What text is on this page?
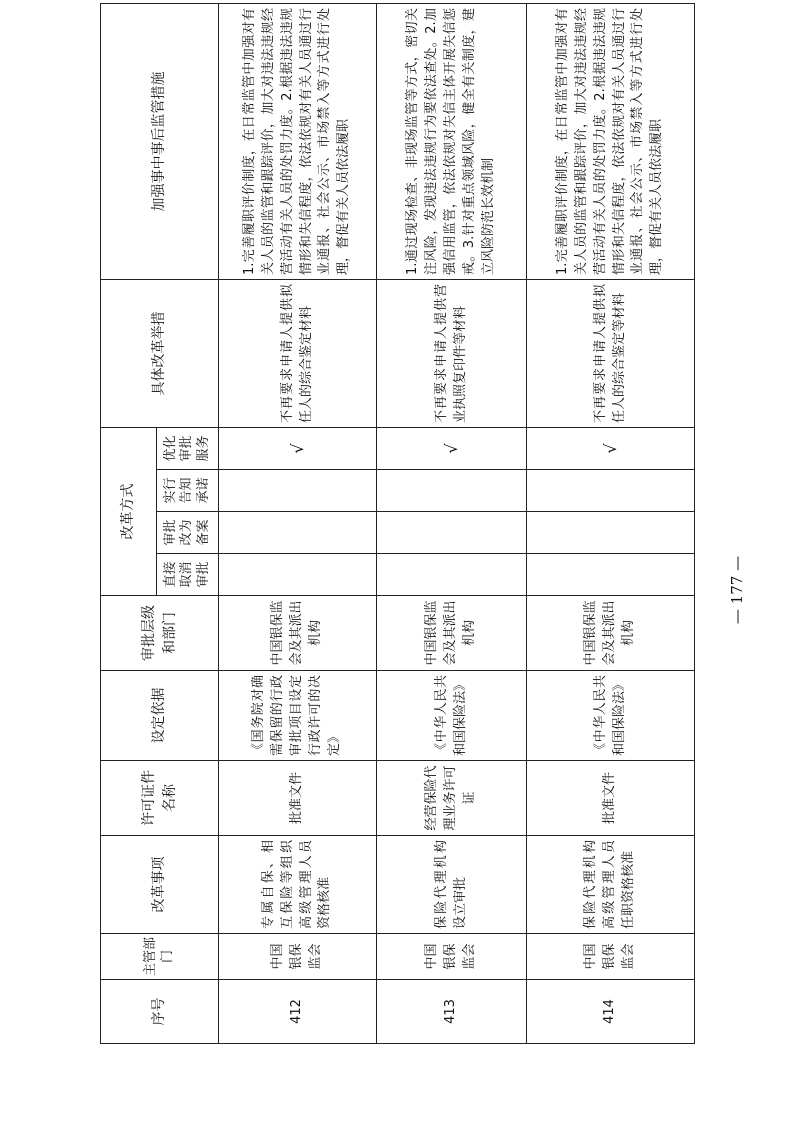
序号	主管部门	改革事项	许可证件名称	设定依据	审批层级和部门	改革方式				具体改革举措	加强事中事后监管措施
						直接取消审批	审批改为备案	实行告知承诺	优化审批服务		
412	中国银保监会	专属自保、相互保险等组织高级管理人员资格核准	批准文件	《国务院对确需保留的行政审批项目设定行政许可的决定》	中国银保监会及其派出机构				√	不再要求申请人提供拟任人的综合鉴定材料	1.完善履职评价制度，在日常监管中加强对有关人员的监管和跟踪评价，加大对违法违规经营活动有关人员的处罚力度。2.根据违法违规情形和失信程度，依法依规对有关人员通过行业通报、社会公示、市场禁入等方式进行处理，督促有关人员依法履职
413	中国银保监会	保险代理机构设立审批	经营保险代理业务许可证	《中华人民共和国保险法》	中国银保监会及其派出机构				√	不再要求申请人提供营业执照复印件等材料	1.通过现场检查、非现场监管等方式，密切关注风险，发现违法违规行为要依法查处。2.加强信用监管，依法依规对失信主体开展失信惩戒。3.针对重点领域风险，健全有关制度，建立风险防范长效机制
414	中国银保监会	保险代理机构高级管理人员任职资格核准	批准文件	《中华人民共和国保险法》	中国银保监会及其派出机构				√	不再要求申请人提供拟任人的综合鉴定等材料	1.完善履职评价制度，在日常监管中加强对有关人员的监管和跟踪评价，加大对违法违规经营活动有关人员的处罚力度。2.根据违法违规情形和失信程度，依法依规对有关人员通过行业通报、社会公示、市场禁入等方式进行处理，督促有关人员依法履职
— 177 —
